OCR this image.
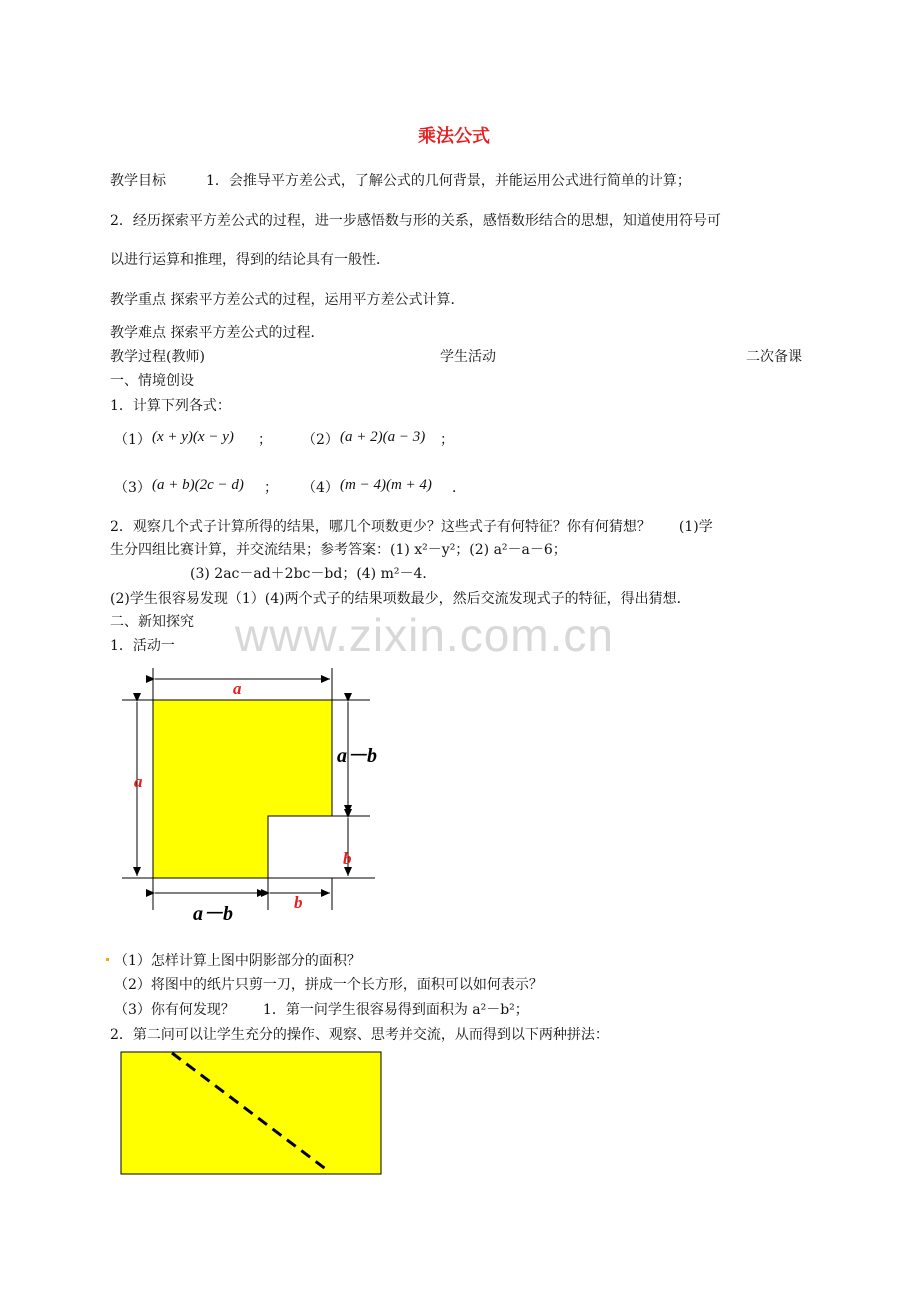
乘法公式
教学目标	1．会推导平方差公式，了解公式的几何背景，并能运用公式进行简单的计算；
2．经历探索平方差公式的过程，进一步感悟数与形的关系，感悟数形结合的思想，知道使用符号可
以进行运算和推理，得到的结论具有一般性．
教学重点 探索平方差公式的过程，运用平方差公式计算．
教学难点 探索平方差公式的过程．
教学过程(教师)	学生活动	二次备课
一、情境创设
1．计算下列各式：
（1） (x + y)(x − y) ； （2） (a + 2)(a − 3) ；
（3） (a + b)(2c − d) ； （4） (m − 4)(m + 4) ．
2．观察几个式子计算所得的结果，哪几个项数更少？这些式子有何特征？你有何猜想？　　(1)学
生分四组比赛计算，并交流结果；参考答案：(1) x²－y²；(2) a²－a－6；
(3) 2ac－ad＋2bc－bd；(4) m²－4．
(2)学生很容易发现（1）(4)两个式子的结果项数最少，然后交流发现式子的特征，得出猜想．
www.zixin.com.cn
二、新知探究
1．活动一
a
a
a－b
b
a－b
b
（1）怎样计算上图中阴影部分的面积？
（2）将图中的纸片只剪一刀，拼成一个长方形，面积可以如何表示？
（3）你有何发现？　　1．第一问学生很容易得到面积为 a²－b²；
2．第二问可以让学生充分的操作、观察、思考并交流，从而得到以下两种拼法：
